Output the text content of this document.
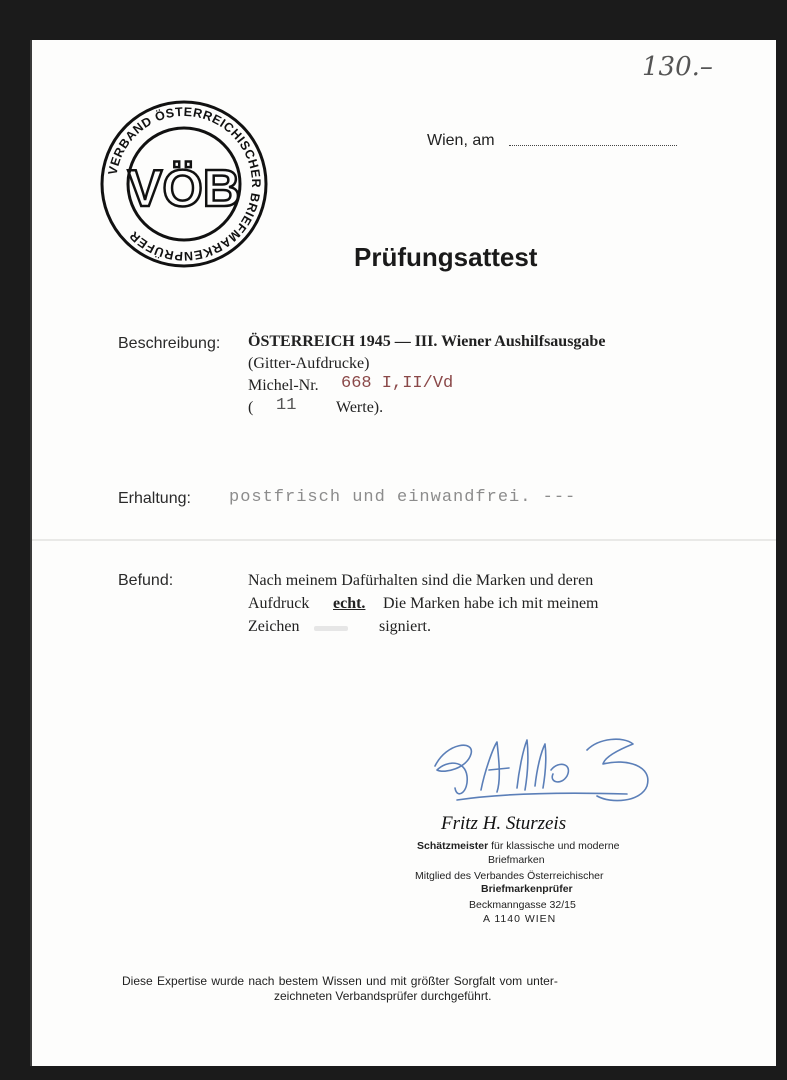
130.–
VERBAND ÖSTERREICHISCHER BRIEFMARKENPRÜFER
VÖB
Wien, am
Prüfungsattest
Beschreibung: ÖSTERREICH 1945 — III. Wiener Aushilfsausgabe
(Gitter-Aufdrucke)
Michel-Nr. 668 I,II/Vd
( 11 Werte).
Erhaltung: postfrisch und einwandfrei. ---
Befund:	Nach meinem Dafürhalten sind die Marken und deren
Aufdruck echt. Die Marken habe ich mit meinem
Zeichen	signiert.
Fritz H. Sturzeis
Schätzmeister für klassische und moderne
Briefmarken
Mitglied des Verbandes Österreichischer
Briefmarkenprüfer
Beckmanngasse 32/15
A 1140 WIEN
Diese Expertise wurde nach bestem Wissen und mit größter Sorgfalt vom unter-
zeichneten Verbandsprüfer durchgeführt.
